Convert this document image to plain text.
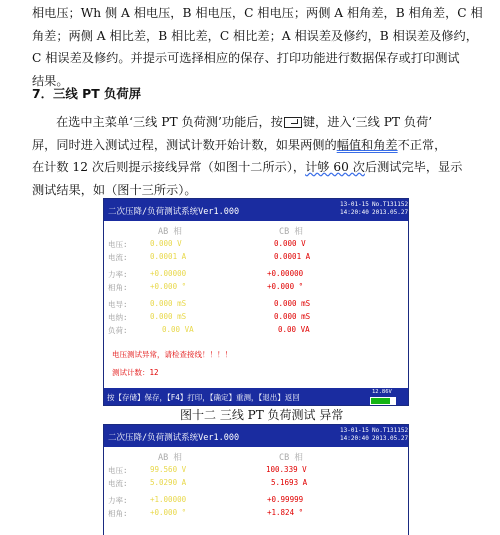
相电压；Wh 侧 A 相电压，B 相电压，C 相电压；两侧 A 相角差，B 相角差，C 相
角差；两侧 A 相比差，B 相比差，C 相比差；A 相误差及修约，B 相误差及修约，
C 相误差及修约。并提示可选择相应的保存、打印功能进行数据保存或打印测试
结果。
7．三线 PT 负荷屏
在选中主菜单‘三线 PT 负荷测’功能后，按 键，进入‘三线 PT 负荷’
屏，同时进入测试过程，测试计数开始计数，如果两侧的幅值和角差不正常，
在计数 12 次后则提示接线异常（如图十二所示），计够 60 次后测试完毕，显示
测试结果，如（图十三所示）。
二次压降/负荷测试系统Ver1.000
13-01-15
14:20:40
No.T131152
2013.05.27
AB 相	CB 相
电压:	0.000 V	0.000 V
电流:	0.0001 A	0.0001 A
力率:	+0.00000	+0.00000
相角:	+0.000 °	+0.000 °
电导:	0.000 mS	0.000 mS
电纳:	0.000 mS	0.000 mS
负荷:	0.00 VA	0.00 VA
电压测试异常，请检查接线！！！！
测试计数：12
按【存储】保存，【F4】打印，【确定】重测，【退出】返回
12.86V
图十二 三线 PT 负荷测试 异常
二次压降/负荷测试系统Ver1.000
13-01-15
14:20:40
No.T131152
2013.05.27
AB 相	CB 相
电压:	99.560 V	100.339 V
电流:	5.0290 A	5.1693 A
力率:	+1.00000	+0.99999
相角:	+0.000 °	+1.824 °
